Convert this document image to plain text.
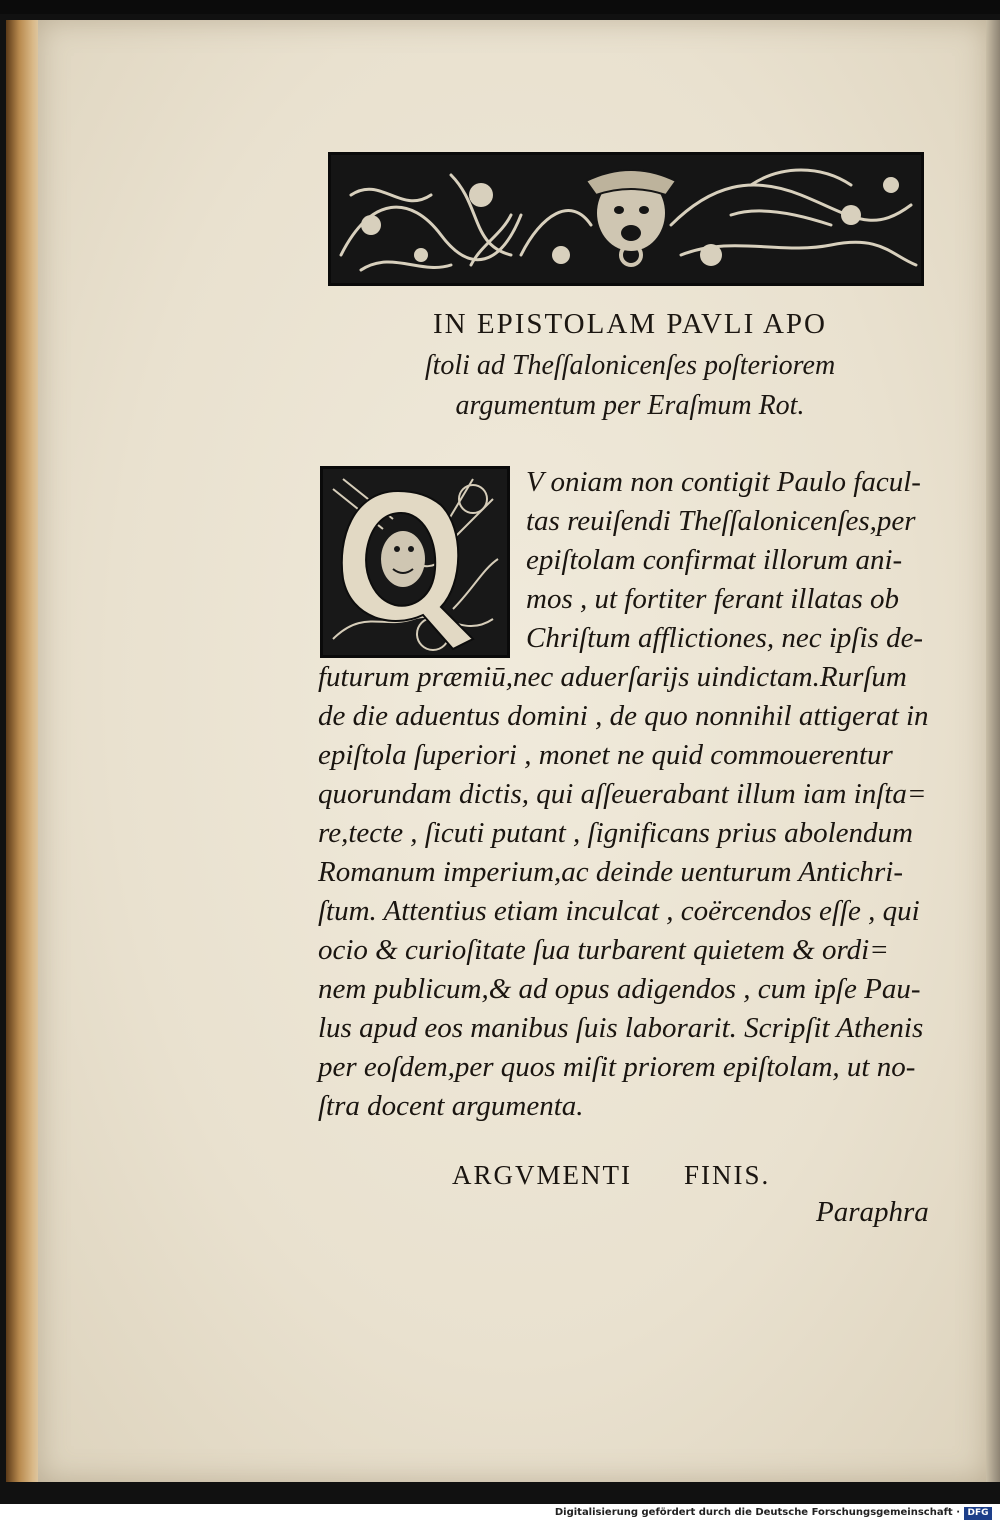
IN EPISTOLAM PAVLI APO
ſtoli ad Theſſalonicenſes poſteriorem
argumentum per Eraſmum Rot.
V oniam non contigit Paulo facul-
tas reuiſendi Theſſalonicenſes,per
epiſtolam confirmat illorum ani-
mos , ut fortiter ferant illatas ob
Chriſtum afflictiones, nec ipſis de-
futurum præmiū,nec aduerſarijs uindictam.Rurſum
de die aduentus domini , de quo nonnihil attigerat in
epiſtola ſuperiori , monet ne quid commouerentur
quorundam dictis, qui aſſeuerabant illum iam inſta=
re,tecte , ſicuti putant , ſignificans prius abolendum
Romanum imperium,ac deinde uenturum Antichri-
ſtum. Attentius etiam inculcat , coërcendos eſſe , qui
ocio & curioſitate ſua turbarent quietem & ordi=
nem publicum,& ad opus adigendos , cum ipſe Pau-
lus apud eos manibus ſuis laborarit. Scripſit Athenis
per eoſdem,per quos miſit priorem epiſtolam, ut no-
ſtra docent argumenta.
ARGVMENTI FINIS.
Paraphra
Digitalisierung gefördert durch die Deutsche Forschungsgemeinschaft · DFG
